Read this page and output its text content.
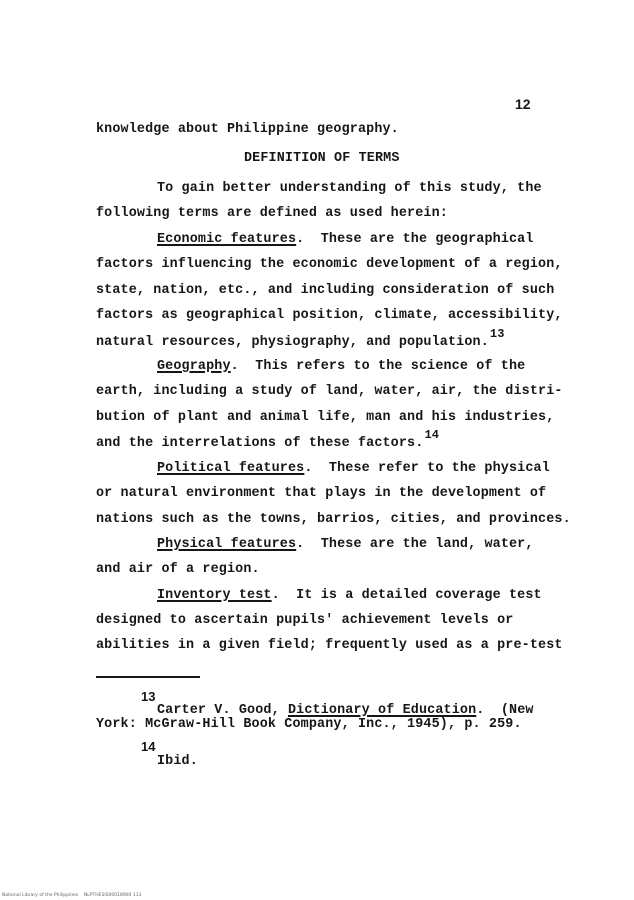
12
knowledge about Philippine geography.
DEFINITION OF TERMS
To gain better understanding of this study, the
following terms are defined as used herein:
Economic features.  These are the geographical
factors influencing the economic development of a region,
state, nation, etc., and including consideration of such
factors as geographical position, climate, accessibility,
natural resources, physiography, and population.13
Geography.  This refers to the science of the
earth, including a study of land, water, air, the distri-
bution of plant and animal life, man and his industries,
and the interrelations of these factors.14
Political features.  These refer to the physical
or natural environment that plays in the development of
nations such as the towns, barrios, cities, and provinces.
Physical features.  These are the land, water,
and air of a region.
Inventory test.  It is a detailed coverage test
designed to ascertain pupils' achievement levels or
abilities in a given field; frequently used as a pre-test
13
Carter V. Good, Dictionary of Education.  (New
York: McGraw-Hill Book Company, Inc., 1945), p. 259.
14
Ibid.
National Library of the Philippines    NLPTHESIS00018900 113
